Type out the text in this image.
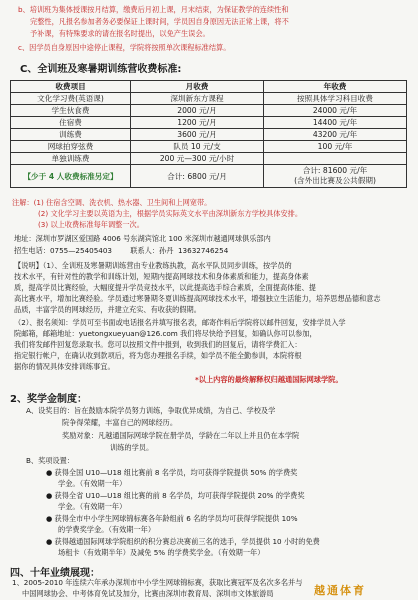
b、培训班为集体授课按月结算，缴费后月初上课，月末结束，为保证教学的连续性和
完整性，凡报名参加者务必要保证上课时间，学员因自身原因无法正常上课，将不
予补课，有特殊要求的请在报名时提出，以免产生误会。
c、因学员自身原因中途停止课程，学院将按照单次课程标准结算。
C、全训班及寒暑期训练营收费标准:
收费项目	月收费	年收费
文化学习费(英语课)	深圳新东方课程	按照具体学习科目收费
学生伙食费	2000 元/月	24000 元/年
住宿费	1200 元/月	14400 元/年
训练费	3600 元/月	43200 元/年
网球拍穿弦费	队员 10 元/支	100 元/年
单独训练费	200 元—300 元/小时	
【少于 4 人收费标准另定】	合计: 6800 元/月	合计: 81600 元/年
(含外出比赛及公共假期)
注解：(1) 住宿含空调、洗衣机、热水器、卫生间和上网宽带。
(2) 文化学习主要以英语为主，根据学员实际英文水平由深圳新东方学校具体安排。
(3) 以上收费标准每年调整一次。
地址：深圳市罗湖区爱国路 4006 号东湖宾馆北 100 米深圳市越通网球俱乐部内
招生电话：0755—25405403        联系人：孙丹  13632746254
【说明】（1）、全训班及寒暑期训练营由专业教练执教，高水平队员同步训练，按学员的
技术水平，有针对性的教学和训练计划，短期内提高网球技术和身体素质和能力，提高身体素
质，提高学员比赛经验，大幅度提升学员竞技水平，以此提高选手综合素质，全面提高体能、提
高比赛水平，增加比赛经验。学员通过寒暑期冬夏训练提高网球技术水平，增强独立生活能力，培养思想品德和意志
品质，丰富学员的网球经历，并建立充实、有收获的假期。
（2）、报名须知：学员可至书面或电话报名并填写报名表，邮寄作料后学院将以邮件回复，安排学员入学
院邮箱，邮箱地址：yuetongxueyuan@126.com 我们将尽快给予回复，如确认你可以参加，
我们将发邮件回复您录取书。您可以按照文件中报到，收到我们的回复后，请将学费汇入：
指定银行帐户，在确认收到款项后，将为您办理报名手续，如学员不能全勤参训，本院将根
据你的情况具体安排训练事宜。
*以上内容的最终解释权归越通国际网球学院。
2、奖学金制度：
A、设奖目的：旨在鼓励本院学员努力训练，争取优异成绩，为自己、学校及学
院争得荣耀，丰富自己的网球经历。
奖励对象：凡越通国际网球学院在册学员，学龄在二年以上并且仍在本学院
训练的学员。
B、奖项设置：
● 获得全国 U10—U18 组比赛前 8 名学员，均可获得学院提供 50% 的学费奖
学金。（有效期一年）
● 获得全省 U10—U18 组比赛的前 8 名学员，均可获得学院提供 20% 的学费奖
学金。（有效期一年）
● 获得全市中小学生网球锦标赛各年龄组前 6 名的学员均可获得学院提供 10%
的学费奖学金。（有效期一年）
● 获得越通国际网球学院组织的积分赛总决赛前三名的选手，学员提供 10 小时的免费
场租卡（有效期半年）及减免 5% 的学费奖学金。（有效期一年）
四、十年业绩展现：
1、2005-2010 年连续六年承办深圳市中小学生网球锦标赛，获取比赛冠军及名次多名并与
中国网球协会、中考体育免试及加分，比赛由深圳市教育局、深圳市文体旅游局	越通体育
